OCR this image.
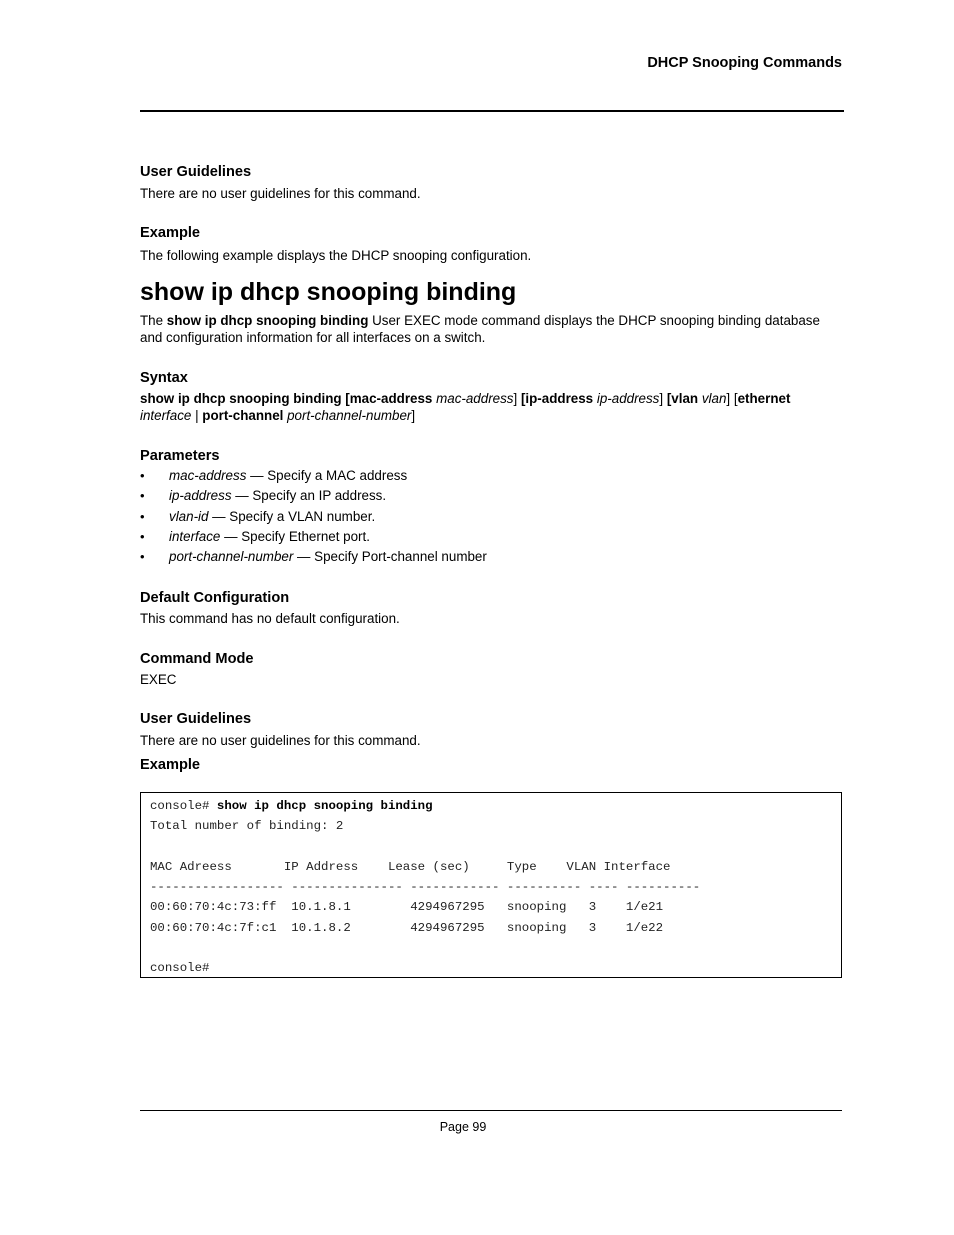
DHCP Snooping Commands
User Guidelines
There are no user guidelines for this command.
Example
The following example displays the DHCP snooping configuration.
show ip dhcp snooping binding
The show ip dhcp snooping binding User EXEC mode command displays the DHCP snooping binding database and configuration information for all interfaces on a switch.
Syntax
show ip dhcp snooping binding [mac-address mac-address] [ip-address ip-address] [vlan vlan] [ethernet
interface | port-channel port-channel-number]
Parameters
• mac-address — Specify a MAC address
• ip-address — Specify an IP address.
• vlan-id — Specify a VLAN number.
• interface — Specify Ethernet port.
• port-channel-number — Specify Port-channel number
Default Configuration
This command has no default configuration.
Command Mode
EXEC
User Guidelines
There are no user guidelines for this command.
Example
console# show ip dhcp snooping binding
Total number of binding: 2

MAC Adreess       IP Address    Lease (sec)     Type    VLAN Interface
------------------ --------------- ------------ ---------- ---- ----------
00:60:70:4c:73:ff  10.1.8.1        4294967295   snooping   3    1/e21
00:60:70:4c:7f:c1  10.1.8.2        4294967295   snooping   3    1/e22

console#
Page 99
